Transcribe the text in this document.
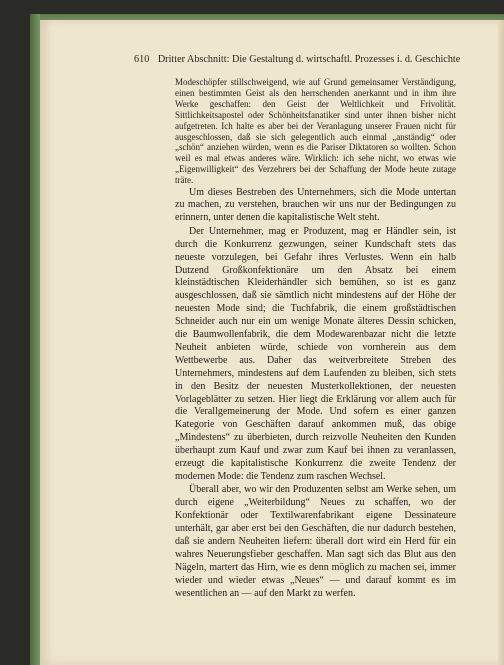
610 Dritter Abschnitt: Die Gestaltung d. wirtschaftl. Prozesses i. d. Geschichte

Modeschöpfer stillschweigend, wie auf Grund gemeinsamer Verständigung, einen bestimmten Geist als den herrschenden anerkannt und in ihm ihre Werke geschaffen: den Geist der Weltlichkeit und Frivolität. Sittlichkeitsapostel oder Schönheitsfanatiker sind unter ihnen bisher nicht aufgetreten. Ich halte es aber bei der Veranlagung unserer Frauen nicht für ausgeschlossen, daß sie sich gelegentlich auch einmal „anständig“ oder „schön“ anziehen würden, wenn es die Pariser Diktatoren so wollten. Schon weil es mal etwas anderes wäre. Wirklich: ich sehe nicht, wo etwas wie „Eigenwilligkeit“ des Verzehrers bei der Schaffung der Mode heute zutage träte.

Um dieses Bestreben des Unternehmers, sich die Mode untertan zu machen, zu verstehen, brauchen wir uns nur der Bedingungen zu erinnern, unter denen die kapitalistische Welt steht.

Der Unternehmer, mag er Produzent, mag er Händler sein, ist durch die Konkurrenz gezwungen, seiner Kundschaft stets das neueste vorzulegen, bei Gefahr ihres Verlustes. Wenn ein halb Dutzend Großkonfektionäre um den Absatz bei einem kleinstädtischen Kleiderhändler sich bemühen, so ist es ganz ausgeschlossen, daß sie sämtlich nicht mindestens auf der Höhe der neuesten Mode sind; die Tuchfabrik, die einem großstädtischen Schneider auch nur ein um wenige Monate älteres Dessin schicken, die Baumwollenfabrik, die dem Modewarenbazar nicht die letzte Neuheit anbieten würde, schiede von vornherein aus dem Wettbewerbe aus. Daher das weitverbreitete Streben des Unternehmers, mindestens auf dem Laufenden zu bleiben, sich stets in den Besitz der neuesten Musterkollektionen, der neuesten Vorlageblätter zu setzen. Hier liegt die Erklärung vor allem auch für die Verallgemeinerung der Mode. Und sofern es einer ganzen Kategorie von Geschäften darauf ankommen muß, das obige „Mindestens“ zu überbieten, durch reizvolle Neuheiten den Kunden überhaupt zum Kauf und zwar zum Kauf bei ihnen zu veranlassen, erzeugt die kapitalistische Konkurrenz die zweite Tendenz der modernen Mode: die Tendenz zum raschen Wechsel.

Überall aber, wo wir den Produzenten selbst am Werke sehen, um durch eigene „Weiterbildung“ Neues zu schaffen, wo der Konfektionär oder Textilwarenfabrikant eigene Dessinateure unterhält, gar aber erst bei den Geschäften, die nur dadurch bestehen, daß sie andern Neuheiten liefern: überall dort wird ein Herd für ein wahres Neuerungsfieber geschaffen. Man sagt sich das Blut aus den Nägeln, martert das Hirn, wie es denn möglich zu machen sei, immer wieder und wieder etwas „Neues“ — und darauf kommt es im wesentlichen an — auf den Markt zu werfen.
